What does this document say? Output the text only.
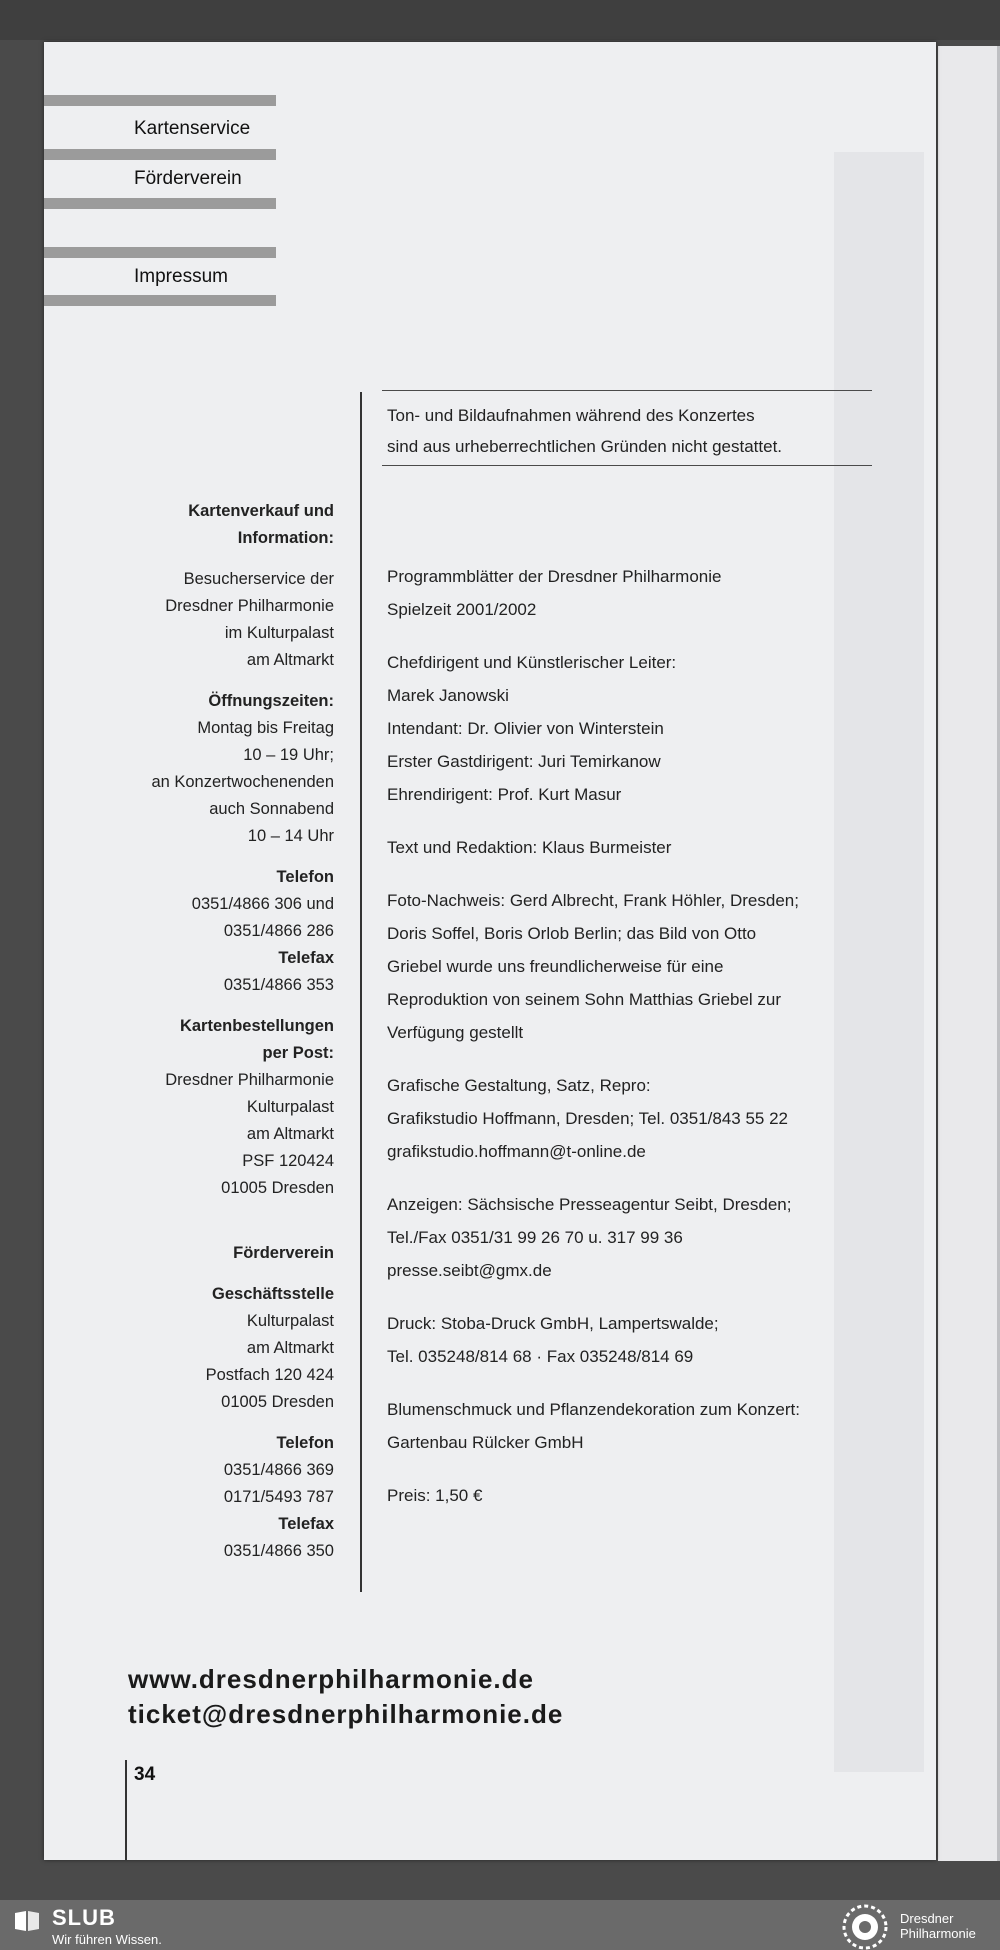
Kartenservice
Förderverein
Impressum
Ton- und Bildaufnahmen während des Konzertes
sind aus urheberrechtlichen Gründen nicht gestattet.
Kartenverkauf und
Information:
Besucherservice der
Dresdner Philharmonie
im Kulturpalast
am Altmarkt
Öffnungszeiten:
Montag bis Freitag
10 – 19 Uhr;
an Konzertwochenenden
auch Sonnabend
10 – 14 Uhr
Telefon
0351/4866 306 und
0351/4866 286
Telefax
0351/4866 353
Kartenbestellungen
per Post:
Dresdner Philharmonie
Kulturpalast
am Altmarkt
PSF 120424
01005 Dresden
Förderverein
Geschäftsstelle
Kulturpalast
am Altmarkt
Postfach 120 424
01005 Dresden
Telefon
0351/4866 369
0171/5493 787
Telefax
0351/4866 350
Programmblätter der Dresdner Philharmonie
Spielzeit 2001/2002
Chefdirigent und Künstlerischer Leiter:
Marek Janowski
Intendant: Dr. Olivier von Winterstein
Erster Gastdirigent: Juri Temirkanow
Ehrendirigent: Prof. Kurt Masur
Text und Redaktion: Klaus Burmeister
Foto-Nachweis: Gerd Albrecht, Frank Höhler, Dresden;
Doris Soffel, Boris Orlob Berlin; das Bild von Otto
Griebel wurde uns freundlicherweise für eine
Reproduktion von seinem Sohn Matthias Griebel zur
Verfügung gestellt
Grafische Gestaltung, Satz, Repro:
Grafikstudio Hoffmann, Dresden; Tel. 0351/843 55 22
grafikstudio.hoffmann@t-online.de
Anzeigen: Sächsische Presseagentur Seibt, Dresden;
Tel./Fax 0351/31 99 26 70 u. 317 99 36
presse.seibt@gmx.de
Druck: Stoba-Druck GmbH, Lampertswalde;
Tel. 035248/814 68 · Fax 035248/814 69
Blumenschmuck und Pflanzendekoration zum Konzert:
Gartenbau Rülcker GmbH
Preis: 1,50 €
www.dresdnerphilharmonie.de
ticket@dresdnerphilharmonie.de
34
SLUB
Wir führen Wissen.
Dresdner
Philharmonie
